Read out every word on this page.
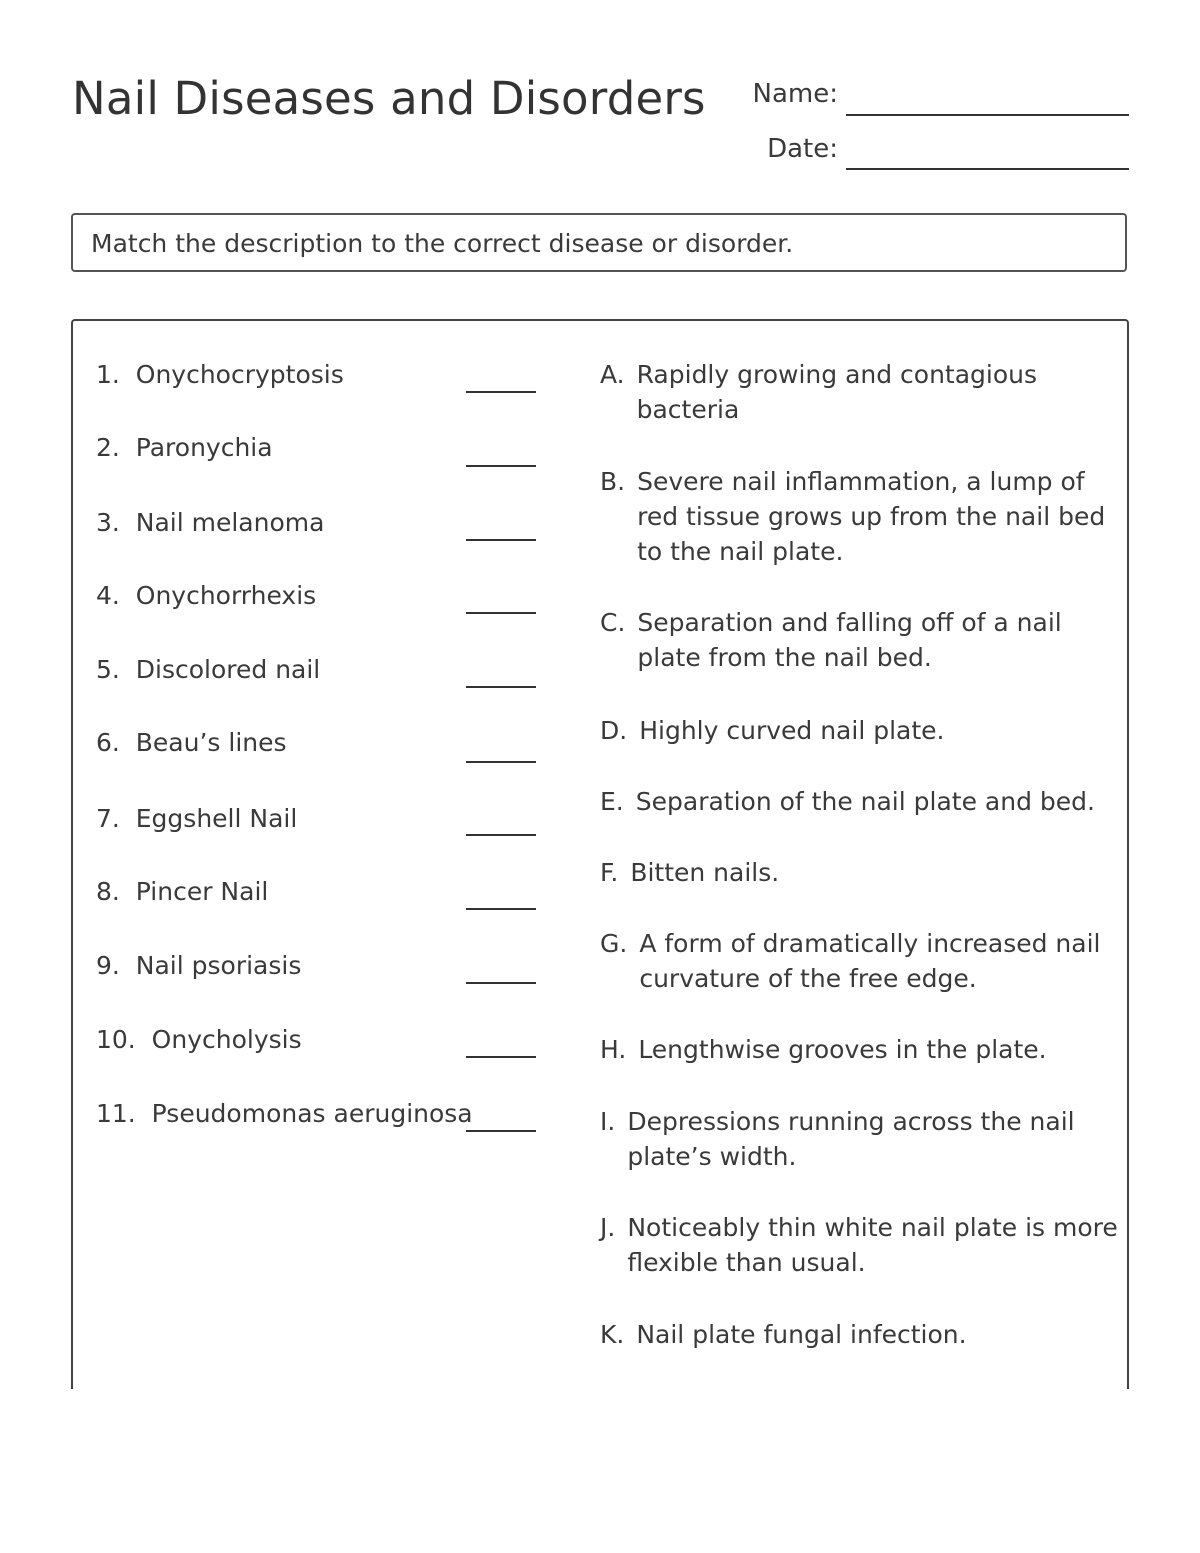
Nail Diseases and Disorders	Name:
Date:
Match the description to the correct disease or disorder.
1. Onychocryptosis
2. Paronychia
3. Nail melanoma
4. Onychorrhexis
5. Discolored nail
6. Beau’s lines
7. Eggshell Nail
8. Pincer Nail
9. Nail psoriasis
10. Onycholysis
11. Pseudomonas aeruginosa
A. Rapidly growing and contagious bacteria
B. Severe nail inflammation, a lump of red tissue grows up from the nail bed to the nail plate.
C. Separation and falling off of a nail plate from the nail bed.
D. Highly curved nail plate.
E. Separation of the nail plate and bed.
F. Bitten nails.
G. A form of dramatically increased nail curvature of the free edge.
H. Lengthwise grooves in the plate.
I. Depressions running across the nail plate’s width.
J. Noticeably thin white nail plate is more flexible than usual.
K. Nail plate fungal infection.
